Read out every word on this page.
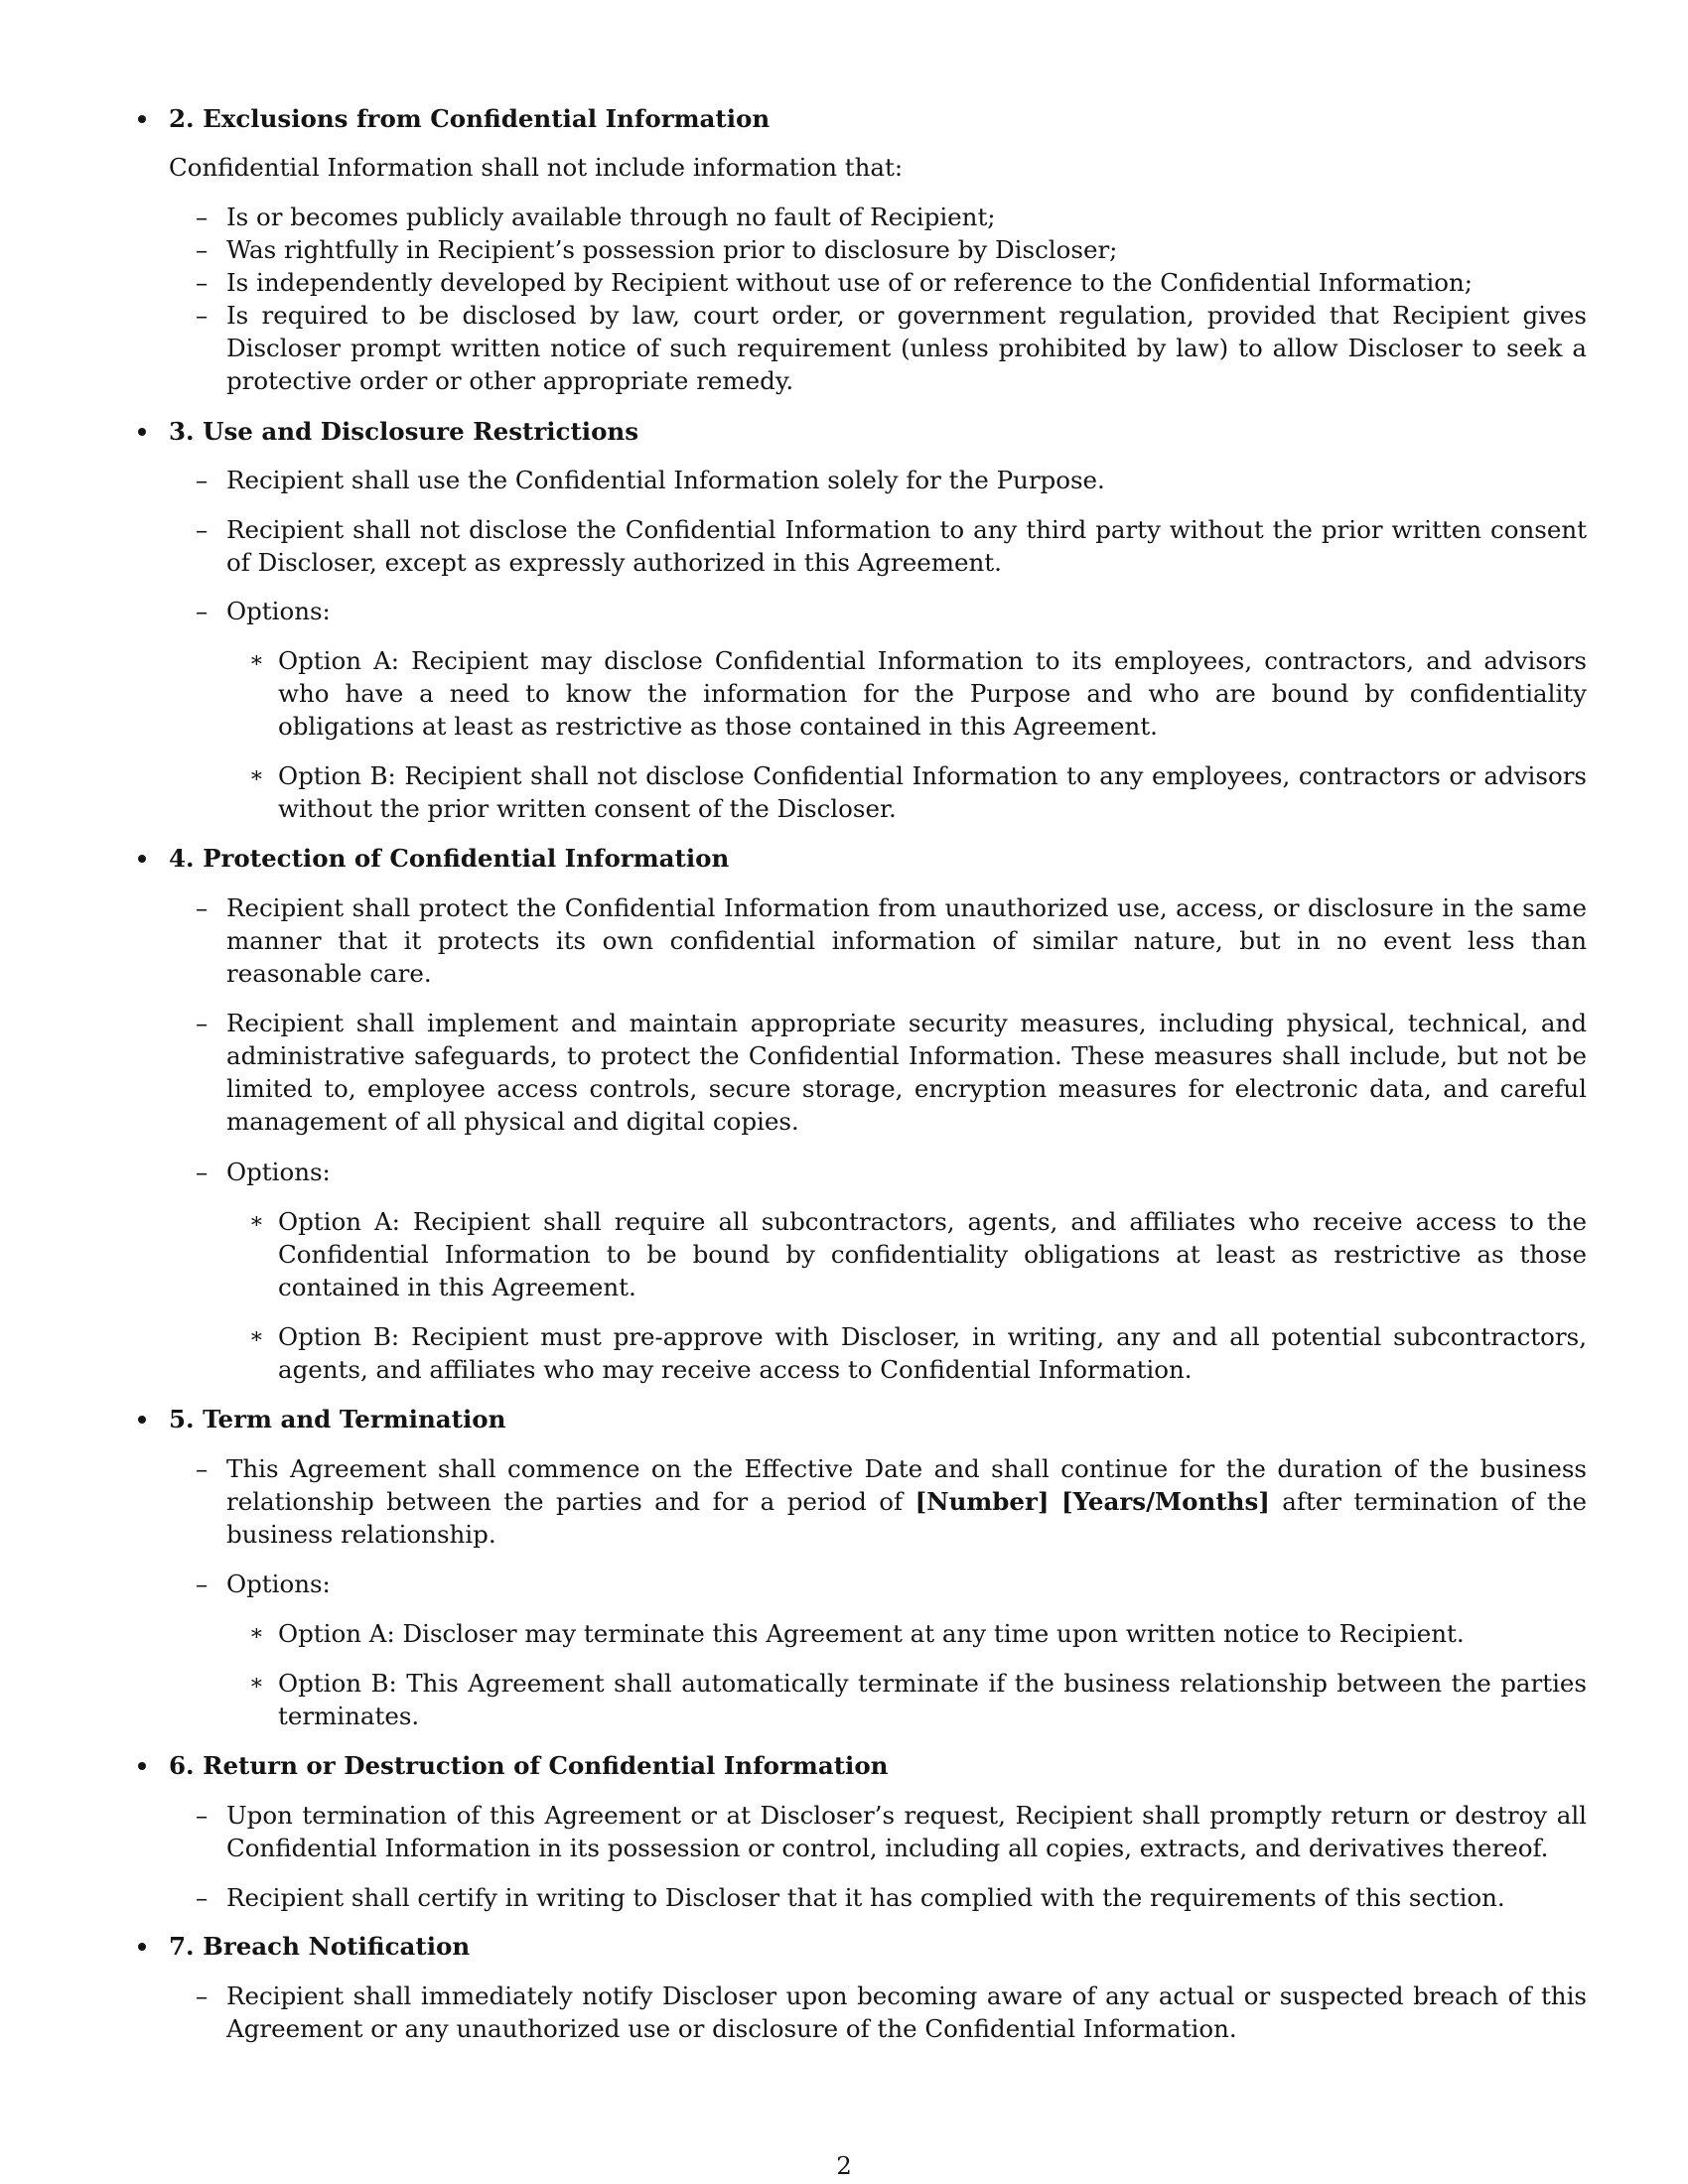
2. Exclusions from Confidential Information
Confidential Information shall not include information that:
– Is or becomes publicly available through no fault of Recipient;
– Was rightfully in Recipient’s possession prior to disclosure by Discloser;
– Is independently developed by Recipient without use of or reference to the Confidential Information;
– Is required to be disclosed by law, court order, or government regulation, provided that Recipient gives Discloser prompt written notice of such requirement (unless prohibited by law) to allow Discloser to seek a protective order or other appropriate remedy.
3. Use and Disclosure Restrictions
– Recipient shall use the Confidential Information solely for the Purpose.
– Recipient shall not disclose the Confidential Information to any third party without the prior written consent of Discloser, except as expressly authorized in this Agreement.
– Options:
∗ Option A: Recipient may disclose Confidential Information to its employees, contractors, and advisors who have a need to know the information for the Purpose and who are bound by confidentiality obligations at least as restrictive as those contained in this Agreement.
∗ Option B: Recipient shall not disclose Confidential Information to any employees, contractors or advisors without the prior written consent of the Discloser.
4. Protection of Confidential Information
– Recipient shall protect the Confidential Information from unauthorized use, access, or disclosure in the same manner that it protects its own confidential information of similar nature, but in no event less than reasonable care.
– Recipient shall implement and maintain appropriate security measures, including physical, technical, and administrative safeguards, to protect the Confidential Information. These measures shall include, but not be limited to, employee access controls, secure storage, encryption measures for electronic data, and careful management of all physical and digital copies.
– Options:
∗ Option A: Recipient shall require all subcontractors, agents, and affiliates who receive access to the Confidential Information to be bound by confidentiality obligations at least as restrictive as those contained in this Agreement.
∗ Option B: Recipient must pre-approve with Discloser, in writing, any and all potential subcontractors, agents, and affiliates who may receive access to Confidential Information.
5. Term and Termination
– This Agreement shall commence on the Effective Date and shall continue for the duration of the business relationship between the parties and for a period of [Number] [Years/Months] after termination of the business relationship.
– Options:
∗ Option A: Discloser may terminate this Agreement at any time upon written notice to Recipient.
∗ Option B: This Agreement shall automatically terminate if the business relationship between the parties terminates.
6. Return or Destruction of Confidential Information
– Upon termination of this Agreement or at Discloser’s request, Recipient shall promptly return or destroy all Confidential Information in its possession or control, including all copies, extracts, and derivatives thereof.
– Recipient shall certify in writing to Discloser that it has complied with the requirements of this section.
7. Breach Notification
– Recipient shall immediately notify Discloser upon becoming aware of any actual or suspected breach of this Agreement or any unauthorized use or disclosure of the Confidential Information.
2
